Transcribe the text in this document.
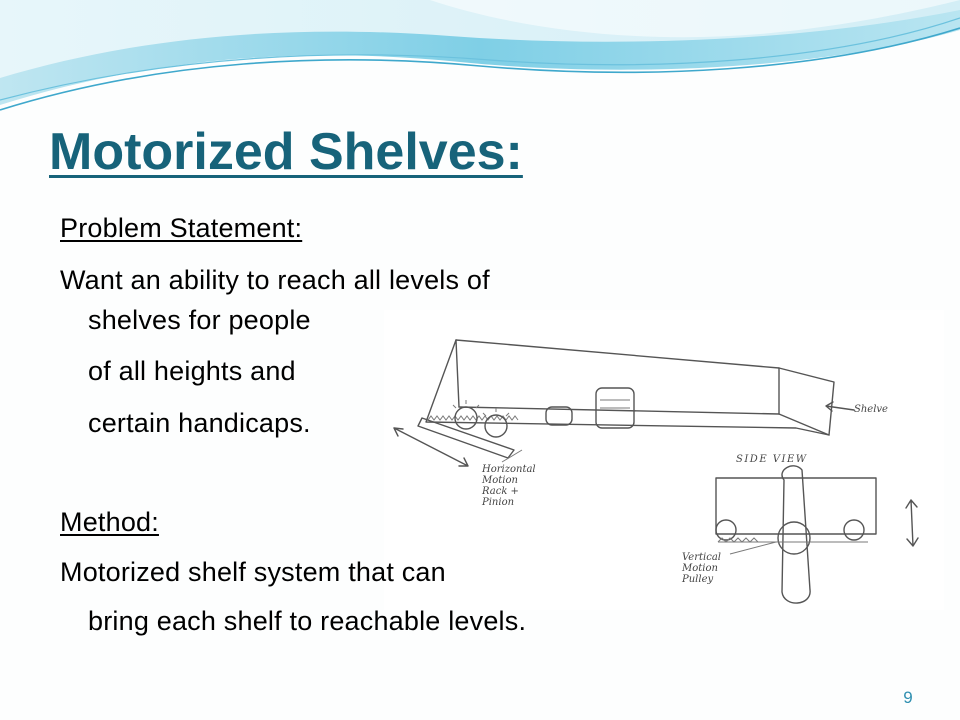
Motorized Shelves:
Problem Statement:
Want an ability to reach all levels of
shelves for people
of all heights and
Shelve
Horizontal
Motion
Rack +
Pinion
SIDE VIEW
Vertical
Motion
Pulley
certain handicaps.
Method:
Motorized shelf system that can
bring each shelf to reachable levels.
9
